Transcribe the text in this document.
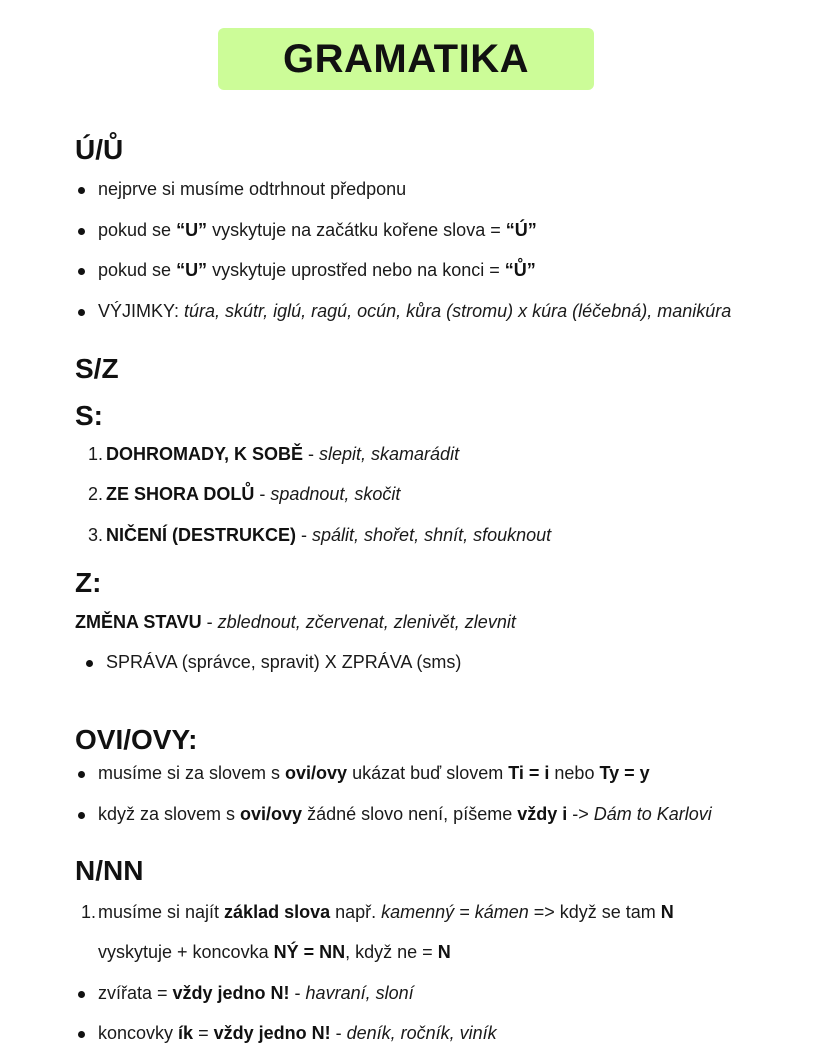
GRAMATIKA
Ú/Ů
nejprve si musíme odtrhnout předponu
pokud se “U” vyskytuje na začátku kořene slova = “Ú”
pokud se “U” vyskytuje uprostřed nebo na konci = “Ů”
VÝJIMKY: túra, skútr, iglú, ragú, ocún, kůra (stromu) x kúra (léčebná), manikúra
S/Z
S:
1. DOHROMADY, K SOBĚ - slepit, skamarádit
2. ZE SHORA DOLŮ - spadnout, skočit
3. NIČENÍ (DESTRUKCE) - spálit, shořet, shnít, sfouknout
Z:
ZMĚNA STAVU - zblednout, zčervenat, zlenivět, zlevnit
SPRÁVA (správce, spravit) X ZPRÁVA (sms)
OVI/OVY:
musíme si za slovem s ovi/ovy ukázat buď slovem Ti = i nebo Ty = y
když za slovem s ovi/ovy žádné slovo není, píšeme vždy i -> Dám to Karlovi
N/NN
1. musíme si najít základ slova např. kamenný = kámen => když se tam N
vyskytuje + koncovka NÝ = NN, když ne = N
zvířata = vždy jedno N! - havraní, sloní
koncovky ík = vždy jedno N! - deník, ročník, viník
